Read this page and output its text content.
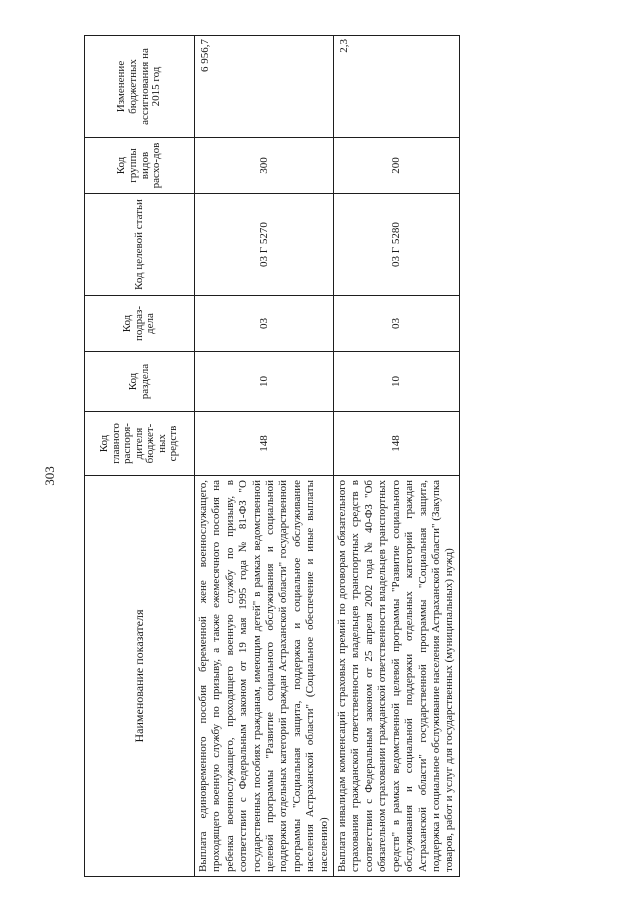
303
Наименование показателя	Код главного распоря-дителя бюджет-ных средств	Код раздела	Код подраз-дела	Код целевой статьи	Код группы видов расхо-дов	Изменение бюджетных ассигнования на 2015 год
Выплата единовременного пособия беременной жене военнослужащего, проходящего военную службу по призыву, а также ежемесячного пособия на ребенка военнослужащего, проходящего военную службу по призыву, в соответствии с Федеральным законом от 19 мая 1995 года № 81-ФЗ "О государственных пособиях гражданам, имеющим детей" в рамках ведомственной целевой программы "Развитие социального обслуживания и социальной поддержки отдельных категорий граждан Астраханской области" государственной программы "Социальная защита, поддержка и социальное обслуживание населения Астраханской области" (Социальное обеспечение и иные выплаты населению)	148	10	03	03 Г 5270	300	6 956,7
Выплата инвалидам компенсаций страховых премий по договорам обязательного страхования гражданской ответственности владельцев транспортных средств в соответствии с Федеральным законом от 25 апреля 2002 года № 40-ФЗ "Об обязательном страховании гражданской ответственности владельцев транспортных средств" в рамках ведомственной целевой программы "Развитие социального обслуживания и социальной поддержки отдельных категорий граждан Астраханской области" государственной программы "Социальная защита, поддержка и социальное обслуживание населения Астраханской области" (Закупка товаров, работ и услуг для государственных (муниципальных) нужд)	148	10	03	03 Г 5280	200	2,3
